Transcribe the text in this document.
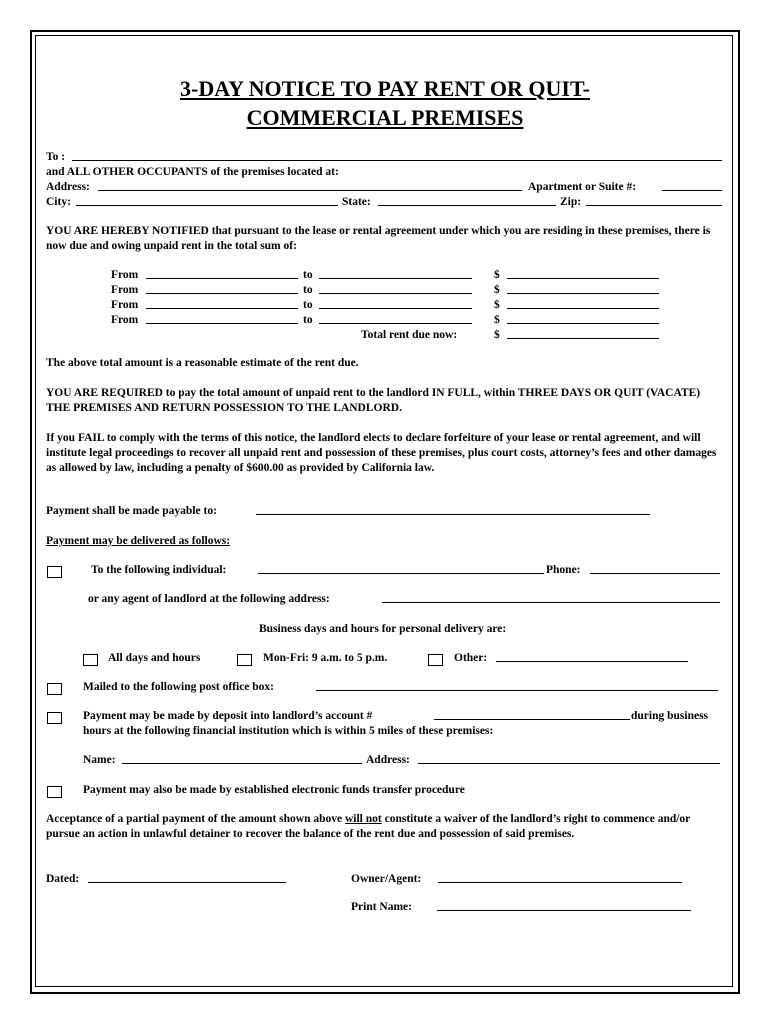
3-DAY NOTICE TO PAY RENT OR QUIT-
COMMERCIAL PREMISES
To :
and ALL OTHER OCCUPANTS of the premises located at:
Address:	Apartment or Suite #:
City:	State:	Zip:
YOU ARE HEREBY NOTIFIED that pursuant to the lease or rental agreement under which you are residing in these premises, there is now due and owing unpaid rent in the total sum of:
From	to	$
From	to	$
From	to	$
From	to	$
Total rent due now:	$
The above total amount is a reasonable estimate of the rent due.
YOU ARE REQUIRED to pay the total amount of unpaid rent to the landlord IN FULL, within THREE DAYS OR QUIT (VACATE) THE PREMISES AND RETURN POSSESSION TO THE LANDLORD.
If you FAIL to comply with the terms of this notice, the landlord elects to declare forfeiture of your lease or rental agreement, and will institute legal proceedings to recover all unpaid rent and possession of these premises, plus court costs, attorney’s fees and other damages as allowed by law, including a penalty of $600.00 as provided by California law.
Payment shall be made payable to:
Payment may be delivered as follows:
To the following individual:	Phone:
or any agent of landlord at the following address:
Business days and hours for personal delivery are:
All days and hours	Mon-Fri: 9 a.m. to 5 p.m.	Other:
Mailed to the following post office box:
Payment may be made by deposit into landlord’s account #	during business
hours at the following financial institution which is within 5 miles of these premises:
Name:	Address:
Payment may also be made by established electronic funds transfer procedure
Acceptance of a partial payment of the amount shown above will not constitute a waiver of the landlord’s right to commence and/or pursue an action in unlawful detainer to recover the balance of the rent due and possession of said premises.
Dated:	Owner/Agent:
Print Name:
